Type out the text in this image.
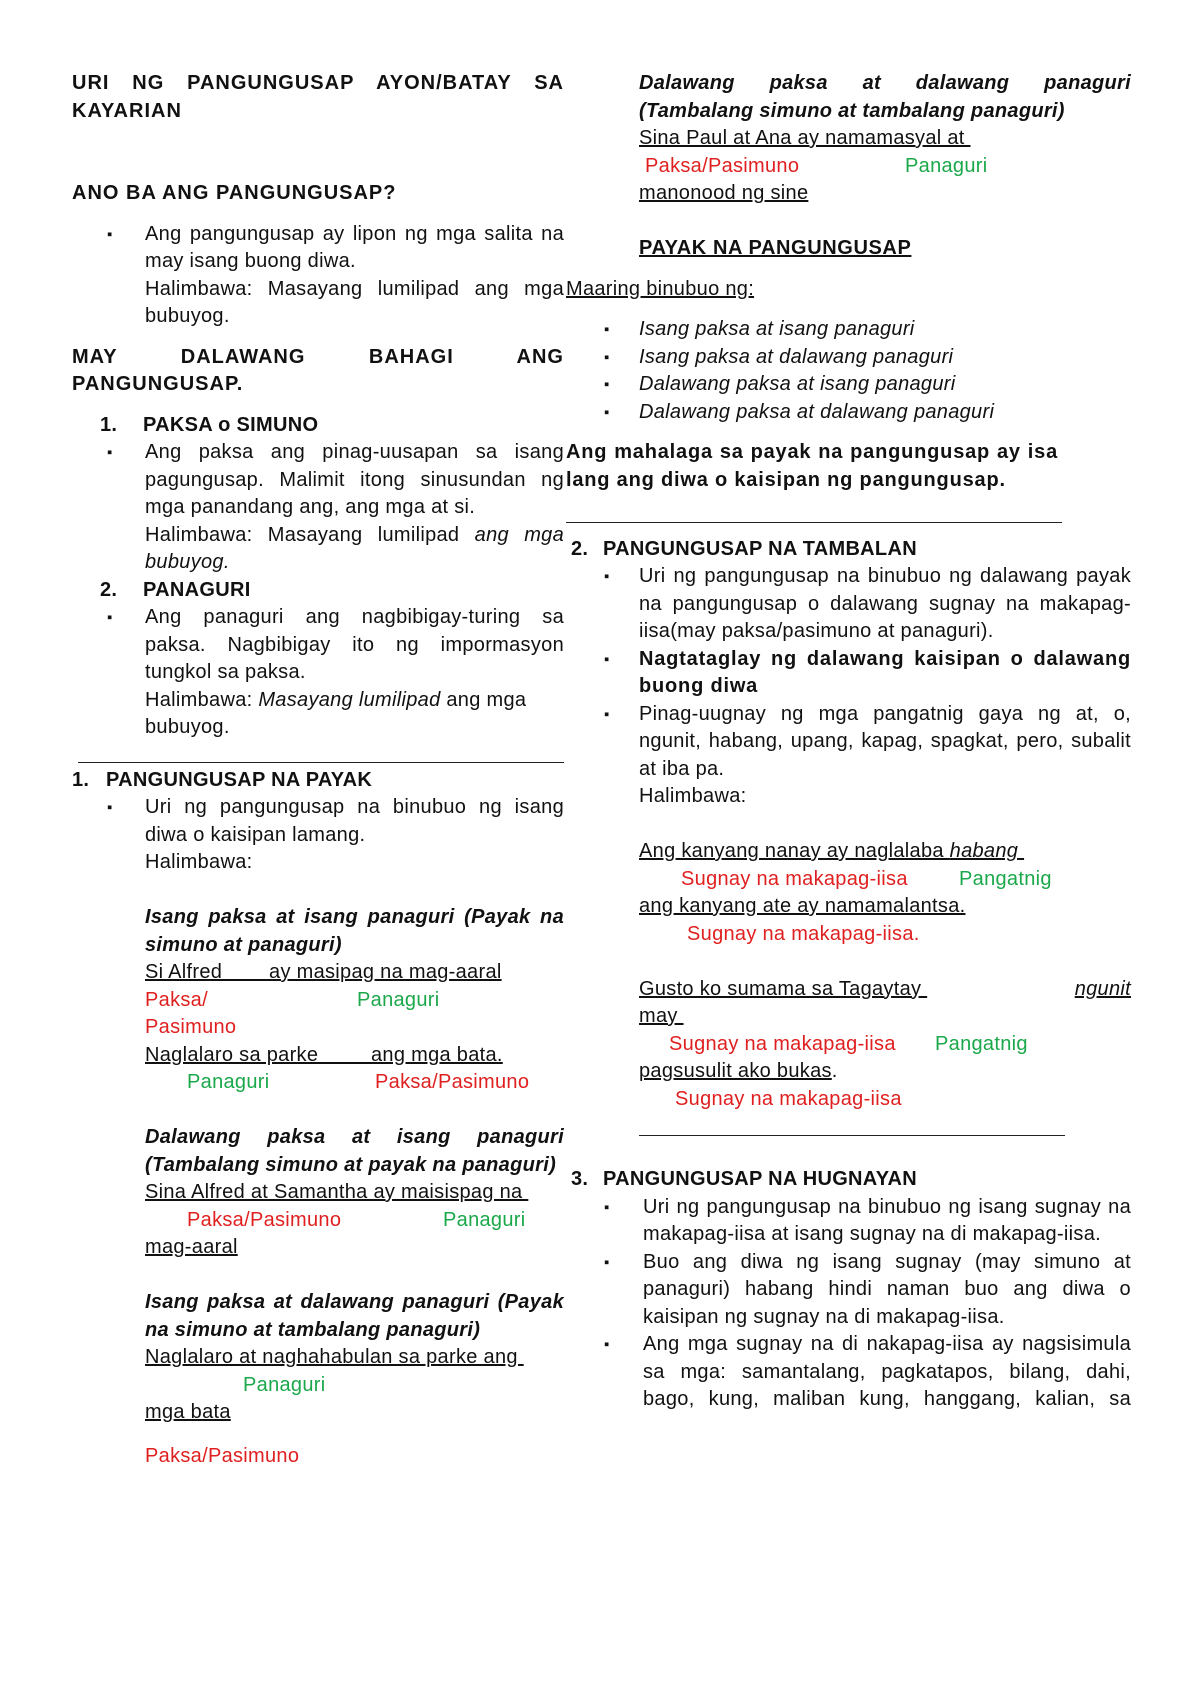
URI NG PANGUNGUSAP AYON/BATAY SA KAYARIAN
ANO BA ANG PANGUNGUSAP?
▪ Ang pangungusap ay lipon ng mga salita na may isang buong diwa.
Halimbawa: Masayang lumilipad ang mga bubuyog.
MAY DALAWANG BAHAGI ANG PANGUNGUSAP.
1. PAKSA o SIMUNO
▪ Ang paksa ang pinag-uusapan sa isang pagungusap. Malimit itong sinusundan ng mga panandang ang, ang mga at si.
Halimbawa: Masayang lumilipad ang mga bubuyog.
2. PANAGURI
▪ Ang panaguri ang nagbibigay-turing sa paksa. Nagbibigay ito ng impormasyon tungkol sa paksa.
Halimbawa: Masayang lumilipad ang mga bubuyog.
1. PANGUNGUSAP NA PAYAK
▪ Uri ng pangungusap na binubuo ng isang diwa o kaisipan lamang.
Halimbawa:
Isang paksa at isang panaguri (Payak na simuno at panaguri)
Si Alfred        ay masipag na mag-aaral
Paksa/	Panaguri
Pasimuno
Naglalaro sa parke         ang mga bata.
Panaguri	Paksa/Pasimuno
Dalawang paksa at isang panaguri (Tambalang simuno at payak na panaguri)
Sina Alfred at Samantha ay maisispag na
Paksa/Pasimuno	Panaguri
mag-aaral
Isang paksa at dalawang panaguri (Payak na simuno at tambalang panaguri)
Naglalaro at naghahabulan sa parke ang
Panaguri
mga bata
Paksa/Pasimuno
Dalawang paksa at dalawang panaguri (Tambalang simuno at tambalang panaguri)
Sina Paul at Ana ay namamasyal at
Paksa/Pasimuno	Panaguri
manonood ng sine
PAYAK NA PANGUNGUSAP
Maaring binubuo ng:
▪ Isang paksa at isang panaguri
▪ Isang paksa at dalawang panaguri
▪ Dalawang paksa at isang panaguri
▪ Dalawang paksa at dalawang panaguri
Ang mahalaga sa payak na pangungusap ay isa lang ang diwa o kaisipan ng pangungusap.
2. PANGUNGUSAP NA TAMBALAN
▪ Uri ng pangungusap na binubuo ng dalawang payak na pangungusap o dalawang sugnay na makapag-iisa(may paksa/pasimuno at panaguri).
▪ Nagtataglay ng dalawang kaisipan o dalawang buong diwa
▪ Pinag-uugnay ng mga pangatnig gaya ng at, o, ngunit, habang, upang, kapag, spagkat, pero, subalit at iba pa.
Halimbawa:
Ang kanyang nanay ay naglalaba habang
Sugnay na makapag-iisa	Pangatnig
ang kanyang ate ay namamalantsa.
Sugnay na makapag-iisa.
Gusto ko sumama sa Tagaytay	ngunit
may
Sugnay na makapag-iisa	Pangatnig
pagsusulit ako bukas.
Sugnay na makapag-iisa
3. PANGUNGUSAP NA HUGNAYAN
▪ Uri ng pangungusap na binubuo ng isang sugnay na makapag-iisa at isang sugnay na di makapag-iisa.
▪ Buo ang diwa ng isang sugnay (may simuno at panaguri) habang hindi naman buo ang diwa o kaisipan ng sugnay na di makapag-iisa.
▪ Ang mga sugnay na di nakapag-iisa ay nagsisimula sa mga: samantalang, pagkatapos, bilang, dahi, bago, kung, maliban kung, hanggang, kalian, sa
